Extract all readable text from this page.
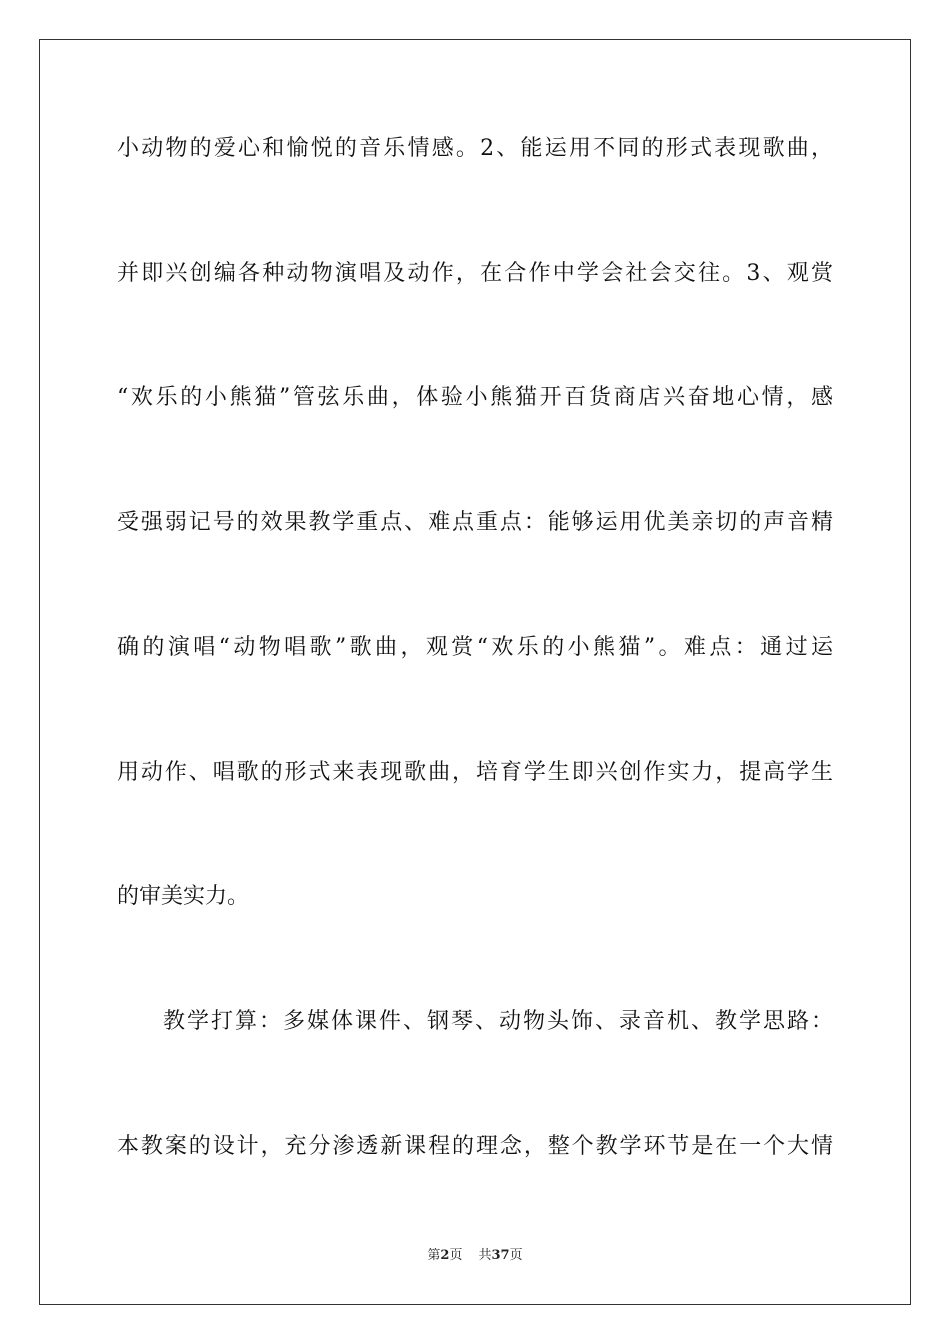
小动物的爱心和愉悦的音乐情感。2、能运用不同的形式表现歌曲，
并即兴创编各种动物演唱及动作，在合作中学会社会交往。3、观赏
“欢乐的小熊猫”管弦乐曲，体验小熊猫开百货商店兴奋地心情，感
受强弱记号的效果教学重点、难点重点：能够运用优美亲切的声音精
确的演唱“动物唱歌”歌曲，观赏“欢乐的小熊猫”。难点：通过运
用动作、唱歌的形式来表现歌曲，培育学生即兴创作实力，提高学生
的审美实力。
教学打算：多媒体课件、钢琴、动物头饰、录音机、教学思路：
本教案的设计，充分渗透新课程的理念，整个教学环节是在一个大情
第2页 共37页
